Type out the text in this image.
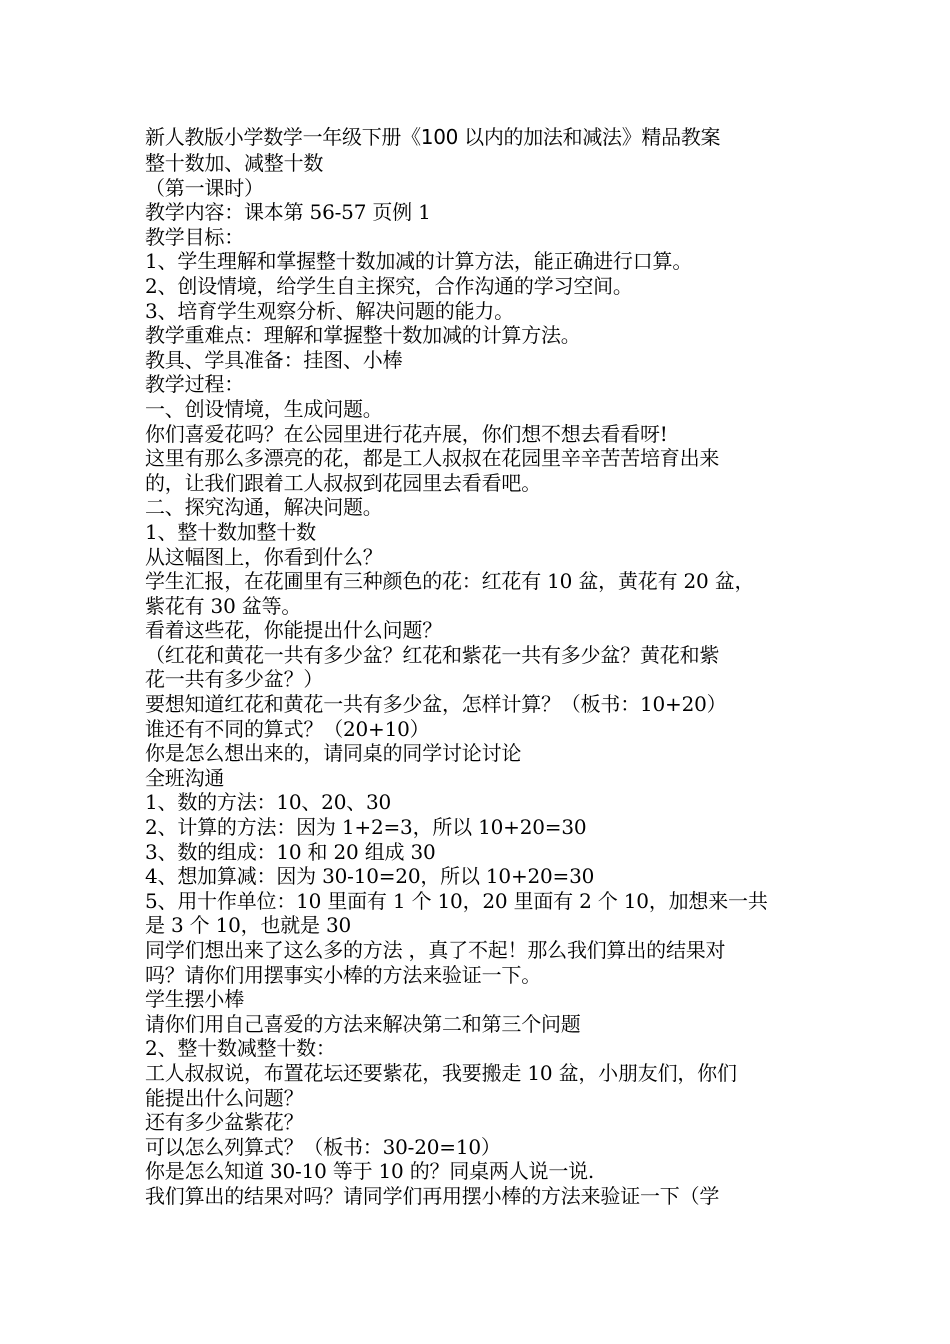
新人教版小学数学一年级下册《100 以内的加法和减法》精品教案
整十数加、减整十数
（第一课时）
教学内容：课本第 56-57 页例 1
教学目标：
1、学生理解和掌握整十数加减的计算方法，能正确进行口算。
2、创设情境，给学生自主探究，合作沟通的学习空间。
3、培育学生观察分析、解决问题的能力。
教学重难点：理解和掌握整十数加减的计算方法。
教具、学具准备：挂图、小棒
教学过程：
一、创设情境，生成问题。
你们喜爱花吗？在公园里进行花卉展，你们想不想去看看呀!
这里有那么多漂亮的花，都是工人叔叔在花园里辛辛苦苦培育出来
的，让我们跟着工人叔叔到花园里去看看吧。
二、探究沟通，解决问题。
1、整十数加整十数
从这幅图上，你看到什么？
学生汇报，在花圃里有三种颜色的花：红花有 10 盆，黄花有 20 盆，
紫花有 30 盆等。
看着这些花，你能提出什么问题？
（红花和黄花一共有多少盆？红花和紫花一共有多少盆？黄花和紫
花一共有多少盆？）
要想知道红花和黄花一共有多少盆，怎样计算？（板书：10+20）
谁还有不同的算式？（20+10）
你是怎么想出来的，请同桌的同学讨论讨论
全班沟通
1、数的方法：10、20、30
2、计算的方法：因为 1+2=3，所以 10+20=30
3、数的组成：10 和 20 组成 30
4、想加算减：因为 30-10=20，所以 10+20=30
5、用十作单位：10 里面有 1 个 10，20 里面有 2 个 10，加想来一共
是 3 个 10，也就是 30
同学们想出来了这么多的方法 ，真了不起！那么我们算出的结果对
吗？请你们用摆事实小棒的方法来验证一下。
学生摆小棒
请你们用自己喜爱的方法来解决第二和第三个问题
2、整十数减整十数：
工人叔叔说，布置花坛还要紫花，我要搬走 10 盆，小朋友们，你们
能提出什么问题？
还有多少盆紫花？
可以怎么列算式？（板书：30-20=10）
你是怎么知道 30-10 等于 10 的？同桌两人说一说.
我们算出的结果对吗？请同学们再用摆小棒的方法来验证一下（学
